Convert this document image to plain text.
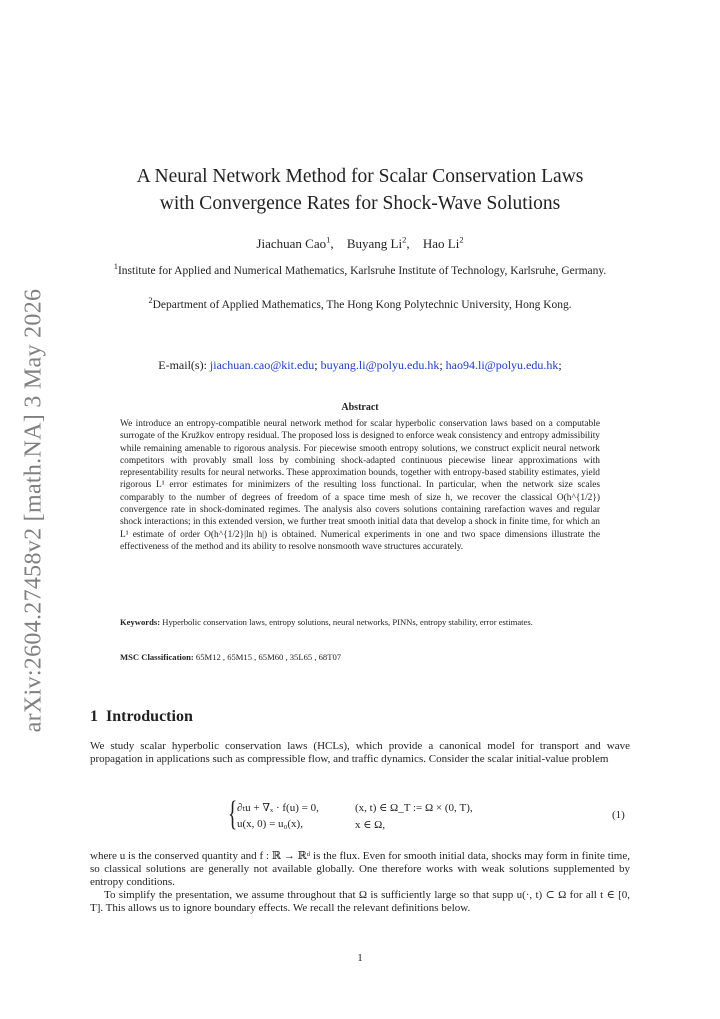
arXiv:2604.27458v2 [math.NA] 3 May 2026
A Neural Network Method for Scalar Conservation Laws
with Convergence Rates for Shock-Wave Solutions
Jiachuan Cao$^1$, Buyang Li$^2$, Hao Li$^2$
$^1$Institute for Applied and Numerical Mathematics, Karlsruhe Institute of Technology, Karlsruhe, Germany.
$^2$Department of Applied Mathematics, The Hong Kong Polytechnic University, Hong Kong.
E-mail(s): jiachuan.cao@kit.edu; buyang.li@polyu.edu.hk; hao94.li@polyu.edu.hk;
Abstract

We introduce an entropy-compatible neural network method for scalar hyperbolic conservation laws based on a computable surrogate of the Kružkov entropy residual. The proposed loss is designed to enforce weak consistency and entropy admissibility while remaining amenable to rigorous analysis. For piecewise smooth entropy solutions, we construct explicit neural network competitors with provably small loss by combining shock-adapted continuous piecewise linear approximations with representability results for neural networks. These approximation bounds, together with entropy-based stability estimates, yield rigorous L¹ error estimates for minimizers of the resulting loss functional. In particular, when the network size scales comparably to the number of degrees of freedom of a space time mesh of size h, we recover the classical O(h^{1/2}) convergence rate in shock-dominated regimes. The analysis also covers solutions containing rarefaction waves and regular shock interactions; in this extended version, we further treat smooth initial data that develop a shock in finite time, for which an L¹ estimate of order O(h^{1/2}|ln h|) is obtained. Numerical experiments in one and two space dimensions illustrate the effectiveness of the method and its ability to resolve nonsmooth wave structures accurately.

Keywords: Hyperbolic conservation laws, entropy solutions, neural networks, PINNs, entropy stability, error estimates.
MSC Classification: 65M12 , 65M15 , 65M60 , 35L65 , 68T07
1 Introduction

We study scalar hyperbolic conservation laws (HCLs), which provide a canonical model for transport and wave propagation in applications such as compressible flow, and traffic dynamics. Consider the scalar initial-value problem

{ ∂ₜu + ∇ₓ · f(u) = 0,	(x, t) ∈ Ω_T := Ω × (0, T),
u(x, 0) = u₀(x),	x ∈ Ω,
(1)

where u is the conserved quantity and f : ℝ → ℝᵈ is the flux. Even for smooth initial data, shocks may form in finite time, so classical solutions are generally not available globally. One therefore works with weak solutions supplemented by entropy conditions.

To simplify the presentation, we assume throughout that Ω is sufficiently large so that supp u(·, t) ⊂ Ω for all t ∈ [0, T]. This allows us to ignore boundary effects. We recall the relevant definitions below.

1
